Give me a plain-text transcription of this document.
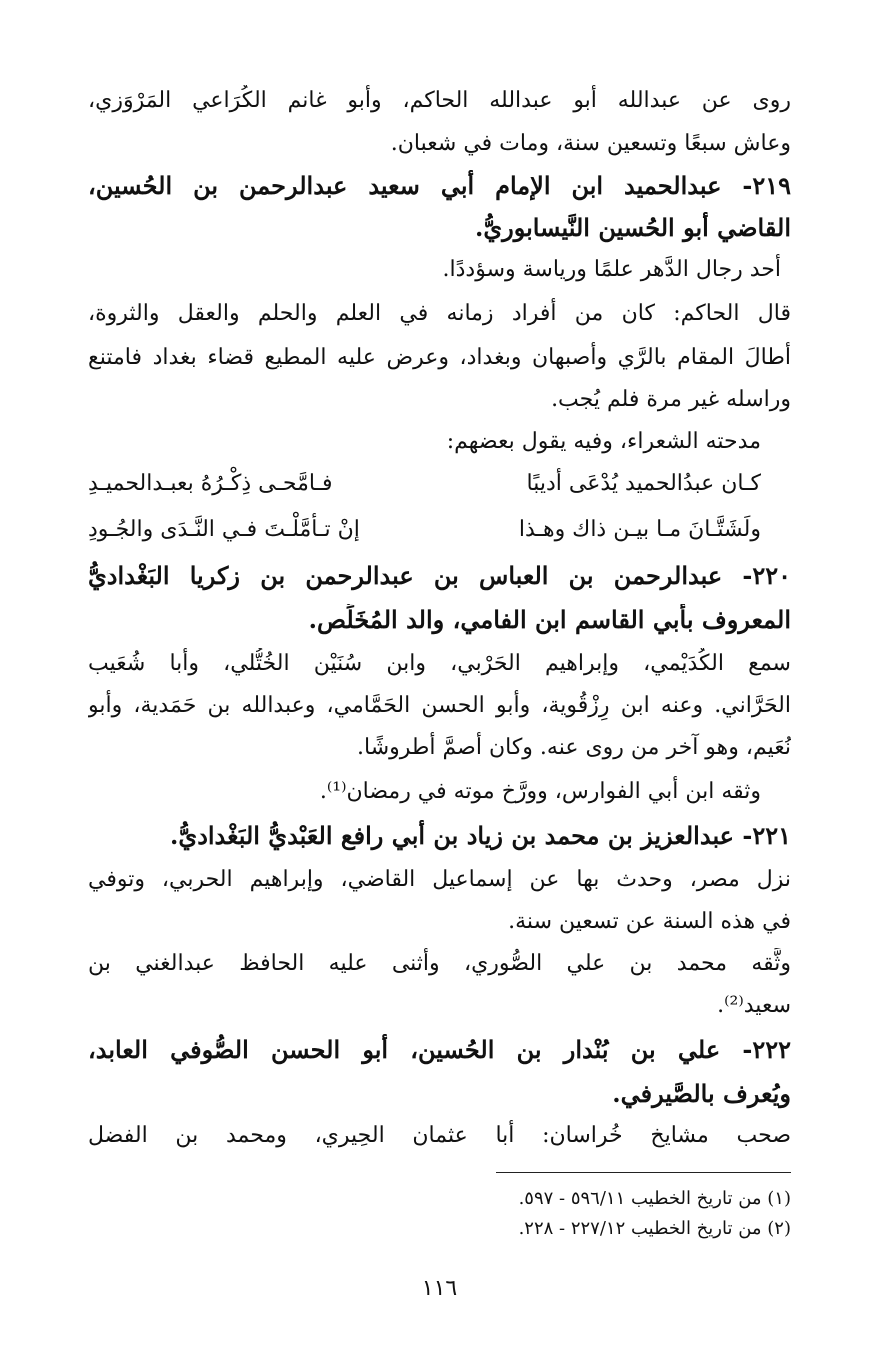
روى عن عبدالله أبو عبدالله الحاكم، وأبو غانم الكُرَاعي المَرْوَزي،
وعاش سبعًا وتسعين سنة، ومات في شعبان.
٢١٩- عبدالحميد ابن الإمام أبي سعيد عبدالرحمن بن الحُسين،
القاضي أبو الحُسين النَّيسابوريُّ.
أحد رجال الدَّهر علمًا ورياسة وسؤددًا.
قال الحاكم: كان من أفراد زمانه في العلم والحلم والعقل والثروة،
أطالَ المقام بالرَّي وأصبهان وبغداد، وعرض عليه المطيع قضاء بغداد فامتنع
وراسله غير مرة فلم يُجب.
مدحته الشعراء، وفيه يقول بعضهم:
كـان عبدُالحميد يُدْعَى أديبًا
فـامَّحـى ذِكْـرُهُ بعبـدالحميـدِ
ولَشَتَّـانَ مـا بيـن ذاك وهـذا
إنْ تـأمَّلْـتَ فـي النَّـدَى والجُـودِ
٢٢٠- عبدالرحمن بن العباس بن عبدالرحمن بن زكريا البَغْداديُّ
المعروف بأبي القاسم ابن الفامي، والد المُخَلِّص.
سمع الكُدَيْمي، وإبراهيم الحَرْبي، وابن سُنَيْن الخُتُّلي، وأبا شُعَيب
الحَرَّاني. وعنه ابن رِزْقُوية، وأبو الحسن الحَمَّامي، وعبدالله بن حَمَدية، وأبو
نُعَيم، وهو آخر من روى عنه. وكان أصمَّ أُطروشًا.
وثقه ابن أبي الفوارس، وورَّخ موته في رمضان⁽¹⁾.
٢٢١- عبدالعزيز بن محمد بن زياد بن أبي رافع العَبْديُّ البَغْداديُّ.
نزل مصر، وحدث بها عن إسماعيل القاضي، وإبراهيم الحربي، وتوفي
في هذه السنة عن تسعين سنة.
وثَّقه محمد بن علي الصُّوري، وأثنى عليه الحافظ عبدالغني بن
سعيد⁽²⁾.
٢٢٢- علي بن بُنْدار بن الحُسين، أبو الحسن الصُّوفي العابد،
ويُعرف بالصَّيرفي.
صحب مشايخ خُراسان: أبا عثمان الحِيري، ومحمد بن الفضل
(١) من تاريخ الخطيب ٥٩٦/١١ - ٥٩٧.
(٢) من تاريخ الخطيب ٢٢٧/١٢ - ٢٢٨.
١١٦
